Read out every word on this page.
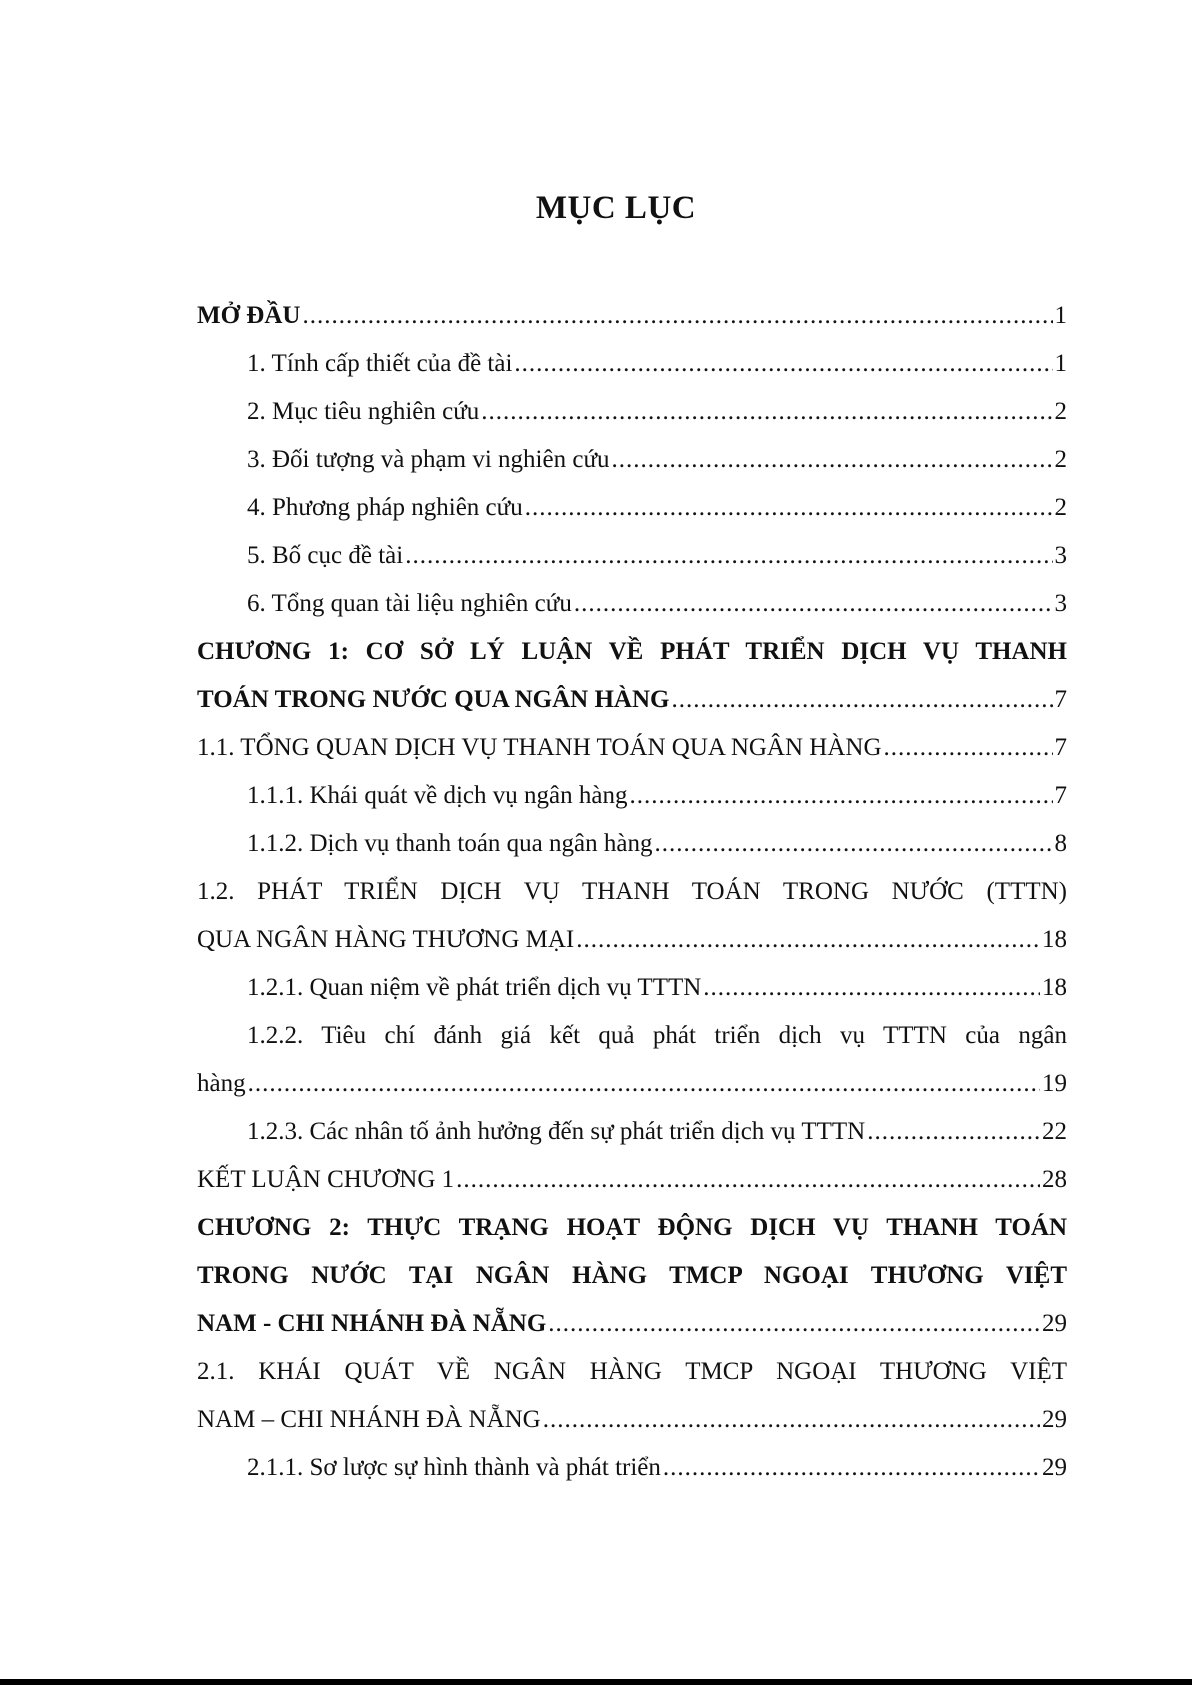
MỤC LỤC
MỞ ĐẦU .....	1
1. Tính cấp thiết của đề tài .....	1
2. Mục tiêu nghiên cứu .....	2
3. Đối tượng và phạm vi nghiên cứu .....	2
4. Phương pháp nghiên cứu .....	2
5. Bố cục đề tài .....	3
6. Tổng quan tài liệu nghiên cứu .....	3
CHƯƠNG 1: CƠ SỞ LÝ LUẬN VỀ PHÁT TRIỂN DỊCH VỤ THANH
TOÁN TRONG NƯỚC QUA NGÂN HÀNG .....	7
1.1. TỔNG QUAN DỊCH VỤ THANH TOÁN QUA NGÂN HÀNG .....	7
1.1.1. Khái quát về dịch vụ ngân hàng .....	7
1.1.2. Dịch vụ thanh toán qua ngân hàng .....	8
1.2. PHÁT TRIỂN DỊCH VỤ THANH TOÁN TRONG NƯỚC (TTTN)
QUA NGÂN HÀNG THƯƠNG MẠI .....	18
1.2.1. Quan niệm về phát triển dịch vụ TTTN .....	18
1.2.2. Tiêu chí đánh giá kết quả phát triển dịch vụ TTTN của ngân
hàng .....	19
1.2.3. Các nhân tố ảnh hưởng đến sự phát triển dịch vụ TTTN .....	22
KẾT LUẬN CHƯƠNG 1 .....	28
CHƯƠNG 2: THỰC TRẠNG HOẠT ĐỘNG DỊCH VỤ THANH TOÁN
TRONG NƯỚC TẠI NGÂN HÀNG TMCP NGOẠI THƯƠNG VIỆT
NAM - CHI NHÁNH ĐÀ NẴNG .....	29
2.1. KHÁI QUÁT VỀ NGÂN HÀNG TMCP NGOẠI THƯƠNG VIỆT
NAM – CHI NHÁNH ĐÀ NẴNG .....	29
2.1.1. Sơ lược sự hình thành và phát triển .....	29
